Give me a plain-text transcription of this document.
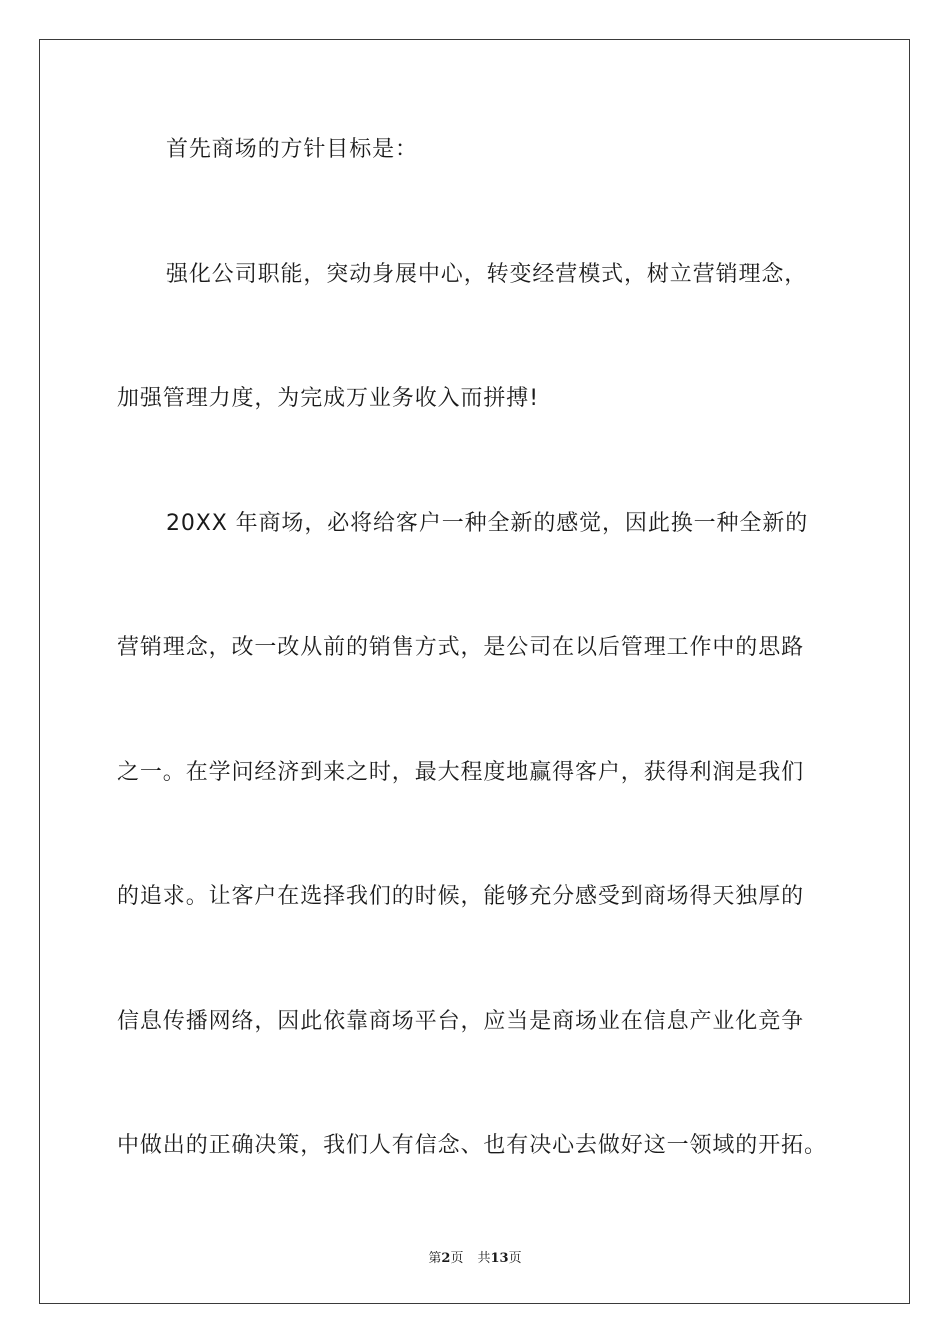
首先商场的方针目标是：
强化公司职能，突动身展中心，转变经营模式，树立营销理念，
加强管理力度，为完成万业务收入而拼搏!
20XX 年商场，必将给客户一种全新的感觉，因此换一种全新的
营销理念，改一改从前的销售方式，是公司在以后管理工作中的思路
之一。在学问经济到来之时，最大程度地赢得客户，获得利润是我们
的追求。让客户在选择我们的时候，能够充分感受到商场得天独厚的
信息传播网络，因此依靠商场平台，应当是商场业在信息产业化竞争
中做出的正确决策，我们人有信念、也有决心去做好这一领域的开拓。
第2页 共13页
